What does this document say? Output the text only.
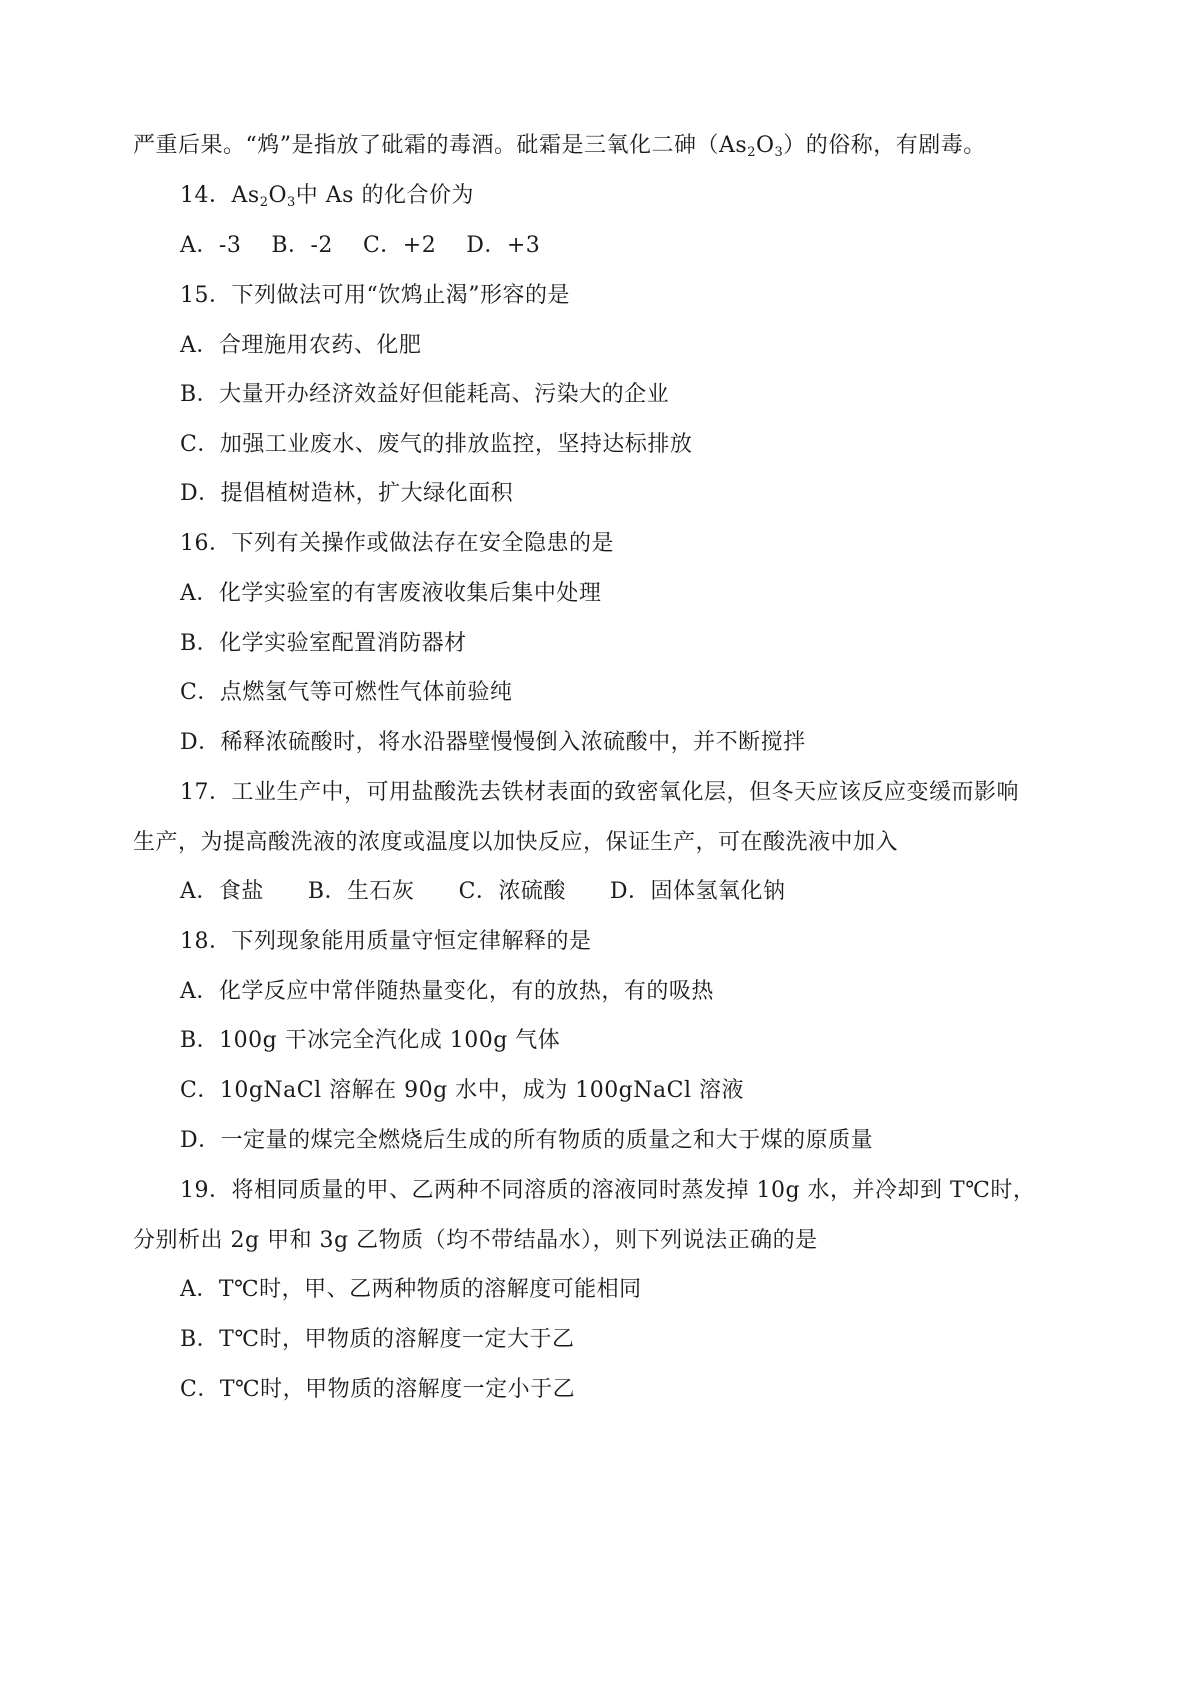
严重后果。“鸩”是指放了砒霜的毒酒。砒霜是三氧化二砷$(As_2O_3)$的俗称，有剧毒。
14．$As_2O_3$中 As 的化合价为
A．-3 B．-2 C．+2 D．+3
15．下列做法可用“饮鸩止渴”形容的是
A．合理施用农药、化肥
B．大量开办经济效益好但能耗高、污染大的企业
C．加强工业废水、废气的排放监控，坚持达标排放
D．提倡植树造林，扩大绿化面积
16．下列有关操作或做法存在安全隐患的是
A．化学实验室的有害废液收集后集中处理
B．化学实验室配置消防器材
C．点燃氢气等可燃性气体前验纯
D．稀释浓硫酸时，将水沿器壁慢慢倒入浓硫酸中，并不断搅拌
17．工业生产中，可用盐酸洗去铁材表面的致密氧化层，但冬天应该反应变缓而影响
生产，为提高酸洗液的浓度或温度以加快反应，保证生产，可在酸洗液中加入
A．食盐 B．生石灰 C．浓硫酸 D．固体氢氧化钠
18．下列现象能用质量守恒定律解释的是
A．化学反应中常伴随热量变化，有的放热，有的吸热
B．100g 干冰完全汽化成 100g 气体
C．10gNaCl 溶解在 90g 水中，成为 100gNaCl 溶液
D．一定量的煤完全燃烧后生成的所有物质的质量之和大于煤的原质量
19．将相同质量的甲、乙两种不同溶质的溶液同时蒸发掉 10g 水，并冷却到 T℃时，
分别析出 2g 甲和 3g 乙物质（均不带结晶水），则下列说法正确的是
A．T℃时，甲、乙两种物质的溶解度可能相同
B．T℃时，甲物质的溶解度一定大于乙
C．T℃时，甲物质的溶解度一定小于乙
